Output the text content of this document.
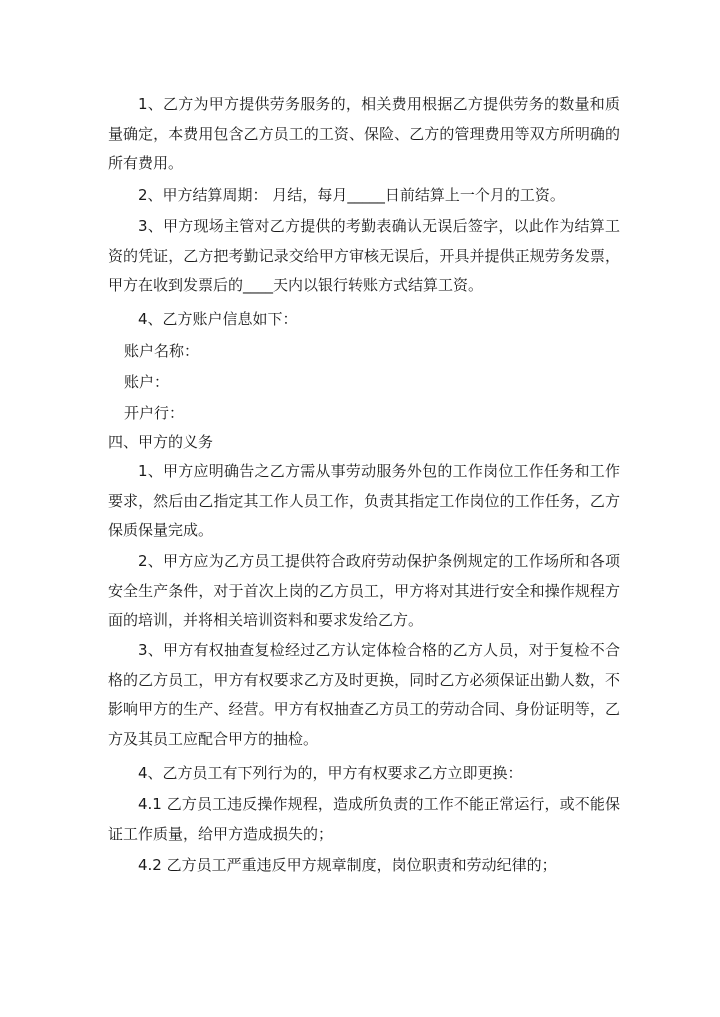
1、乙方为甲方提供劳务服务的，相关费用根据乙方提供劳务的数量和质量确定，本费用包含乙方员工的工资、保险、乙方的管理费用等双方所明确的所有费用。

2、甲方结算周期： 月结，每月_____日前结算上一个月的工资。

3、甲方现场主管对乙方提供的考勤表确认无误后签字，以此作为结算工资的凭证，乙方把考勤记录交给甲方审核无误后，开具并提供正规劳务发票，甲方在收到发票后的____天内以银行转账方式结算工资。

4、乙方账户信息如下：

账户名称：

账户：

开户行：

四、甲方的义务

1、甲方应明确告之乙方需从事劳动服务外包的工作岗位工作任务和工作要求，然后由乙指定其工作人员工作，负责其指定工作岗位的工作任务，乙方保质保量完成。

2、甲方应为乙方员工提供符合政府劳动保护条例规定的工作场所和各项安全生产条件，对于首次上岗的乙方员工，甲方将对其进行安全和操作规程方面的培训，并将相关培训资料和要求发给乙方。

3、甲方有权抽查复检经过乙方认定体检合格的乙方人员，对于复检不合格的乙方员工，甲方有权要求乙方及时更换，同时乙方必须保证出勤人数，不影响甲方的生产、经营。甲方有权抽查乙方员工的劳动合同、身份证明等，乙方及其员工应配合甲方的抽检。

4、乙方员工有下列行为的，甲方有权要求乙方立即更换：

4.1 乙方员工违反操作规程，造成所负责的工作不能正常运行，或不能保证工作质量，给甲方造成损失的；

4.2 乙方员工严重违反甲方规章制度，岗位职责和劳动纪律的；
